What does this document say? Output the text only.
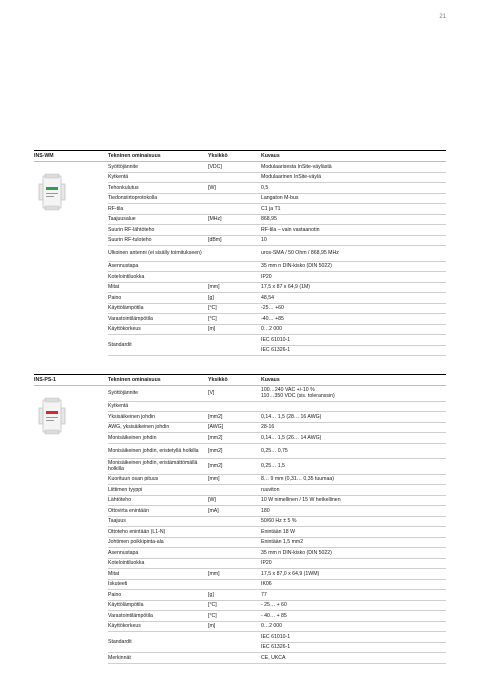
21
INS-WM	Tekninen ominaisuus	Yksikkö	Kuvaus
Syöttöjännite	[VDC]	Modulaarisesta InSite-väylästä
Kytkentä	Modulaarinen InSite-väylä
Tehonkulutus	[W]	0,5
Tiedonsiirtoprotokolla	Langaton M-bus
RF-tila	C1 ja T1
Taajuusalue	[MHz]	868,95
Suurin RF-lähtöteho	RF-tila – vain vastaanotin
Suurin RF-tuloteho	[dBm]	10
Ulkoinen antenni (ei sisälly toimitukseen)	uros-SMA / 50 Ohm / 868,95 MHz
Asennustapa	35 mm n DIN-kisko (DIN 5022)
Kotelointiluokka	IP20
Mitat	[mm]	17,5 x 87 x 64,9 (1M)
Paino	[g]	48,54
Käyttölämpötila	[°C]	-25… +60
Varastointilämpötila	[°C]	-40… +85
Käyttökorkeus	[m]	0…2 000
Standardit
IEC 61010-1
IEC 61326-1
INS-PS-1	Tekninen ominaisuus	Yksikkö	Kuvaus
Syöttöjännite	[V]	100…240 VAC +/-10 %
110…350 VDC (sis. toleranssin)
Kytkentä
Yksisäikeinen johdin	[mm2]	0,14… 1,5 (28… 16 AWG)
AWG, yksisäikeinen johdin	[AWG]	28-16
Monisäikeinen johdin	[mm2]	0,14… 1,5 (26… 14 AWG)
Monisäikeinen johdin, eristetyllä holkilla	[mm2]	0,25… 0,75
Monisäikeinen johdin, eristämättömällä holkilla	[mm2]	0,25… 1,5
Kuorituun osan pituus	[mm]	8… 9 mm (0,31… 0,35 tuumaa)
Liittimen tyyppi	ruuviton
Lähtöteho	[W]	10 W nimellinen / 15 W hetkellinen
Ottovirta enintään	[mA]	180
Taajuus	50/60 Hz ± 5 %
Ottoteho enintään (L1-N)	Enintään 18 W
Johtimen poikkipinta-ala	Enintään 1,5 mm2
Asennustapa	35 mm n DIN-kisko (DIN 5022)
Kotelointiluokka	IP20
Mitat	[mm]	17,5 x 87,0 x 64,9 (1WM)
Iskuteeti	IK06
Paino	[g]	77
Käyttölämpötila	[°C]	- 25… + 60
Varastointilämpötila	[°C]	- 40… + 85
Käyttökorkeus	[m]	0…2 000
Standardit
IEC 61010-1
IEC 61326-1
Merkinnät	CE, UKCA
